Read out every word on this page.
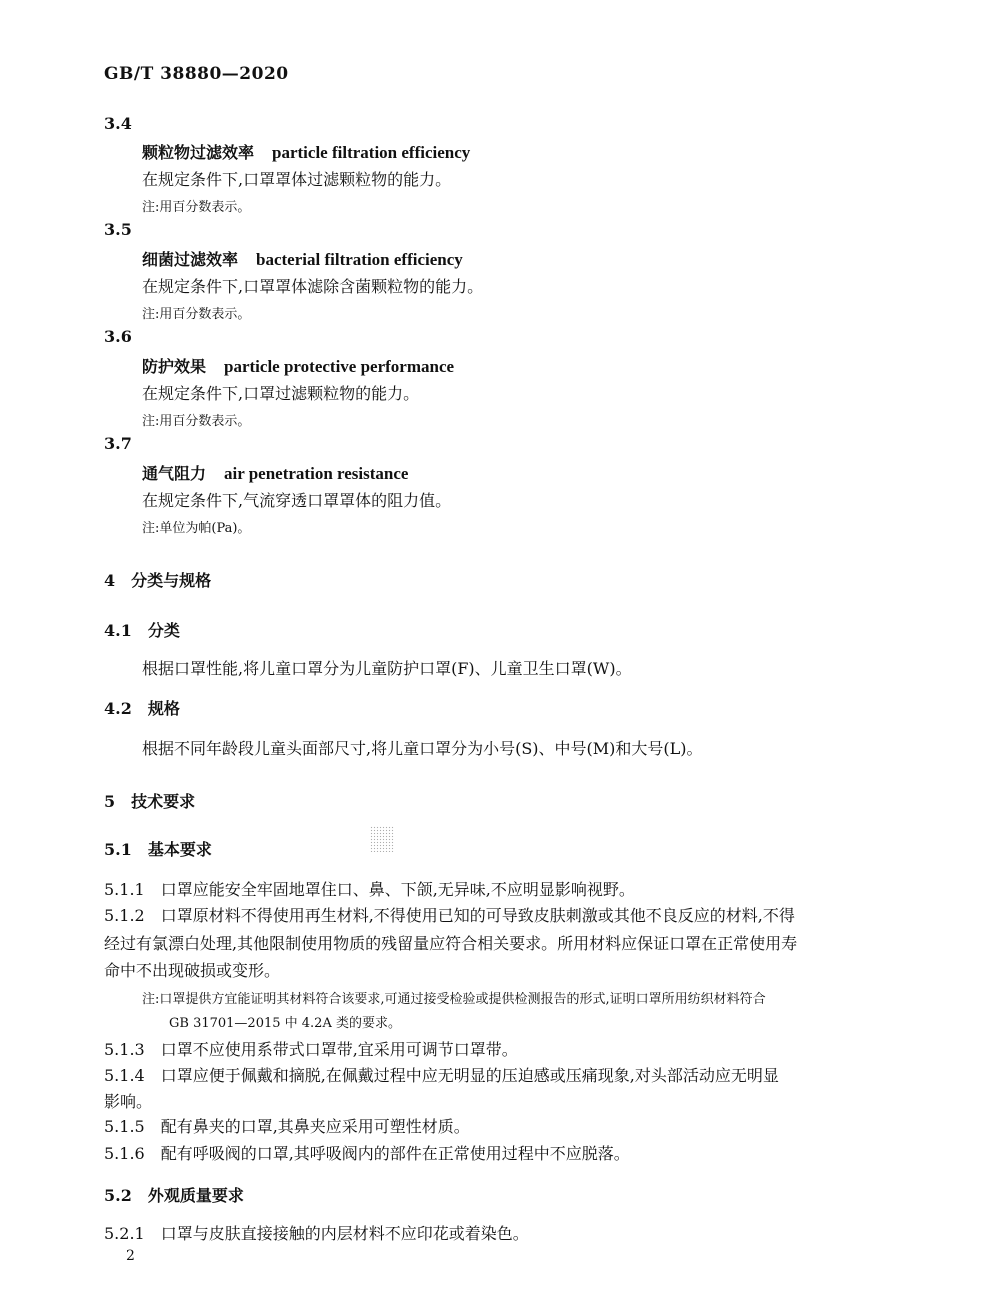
GB/T 38880—2020
3.4
颗粒物过滤效率 particle filtration efficiency
在规定条件下,口罩罩体过滤颗粒物的能力。
注:用百分数表示。
3.5
细菌过滤效率 bacterial filtration efficiency
在规定条件下,口罩罩体滤除含菌颗粒物的能力。
注:用百分数表示。
3.6
防护效果 particle protective performance
在规定条件下,口罩过滤颗粒物的能力。
注:用百分数表示。
3.7
通气阻力 air penetration resistance
在规定条件下,气流穿透口罩罩体的阻力值。
注:单位为帕(Pa)。
4　分类与规格
4.1　分类
根据口罩性能,将儿童口罩分为儿童防护口罩(F)、儿童卫生口罩(W)。
4.2　规格
根据不同年龄段儿童头面部尺寸,将儿童口罩分为小号(S)、中号(M)和大号(L)。
5　技术要求
5.1　基本要求
5.1.1　口罩应能安全牢固地罩住口、鼻、下颌,无异味,不应明显影响视野。
5.1.2　口罩原材料不得使用再生材料,不得使用已知的可导致皮肤刺激或其他不良反应的材料,不得
经过有氯漂白处理,其他限制使用物质的残留量应符合相关要求。所用材料应保证口罩在正常使用寿
命中不出现破损或变形。
注:口罩提供方宜能证明其材料符合该要求,可通过接受检验或提供检测报告的形式,证明口罩所用纺织材料符合
GB 31701—2015 中 4.2A 类的要求。
5.1.3　口罩不应使用系带式口罩带,宜采用可调节口罩带。
5.1.4　口罩应便于佩戴和摘脱,在佩戴过程中应无明显的压迫感或压痛现象,对头部活动应无明显
影响。
5.1.5　配有鼻夹的口罩,其鼻夹应采用可塑性材质。
5.1.6　配有呼吸阀的口罩,其呼吸阀内的部件在正常使用过程中不应脱落。
5.2　外观质量要求
5.2.1　口罩与皮肤直接接触的内层材料不应印花或着染色。
2
